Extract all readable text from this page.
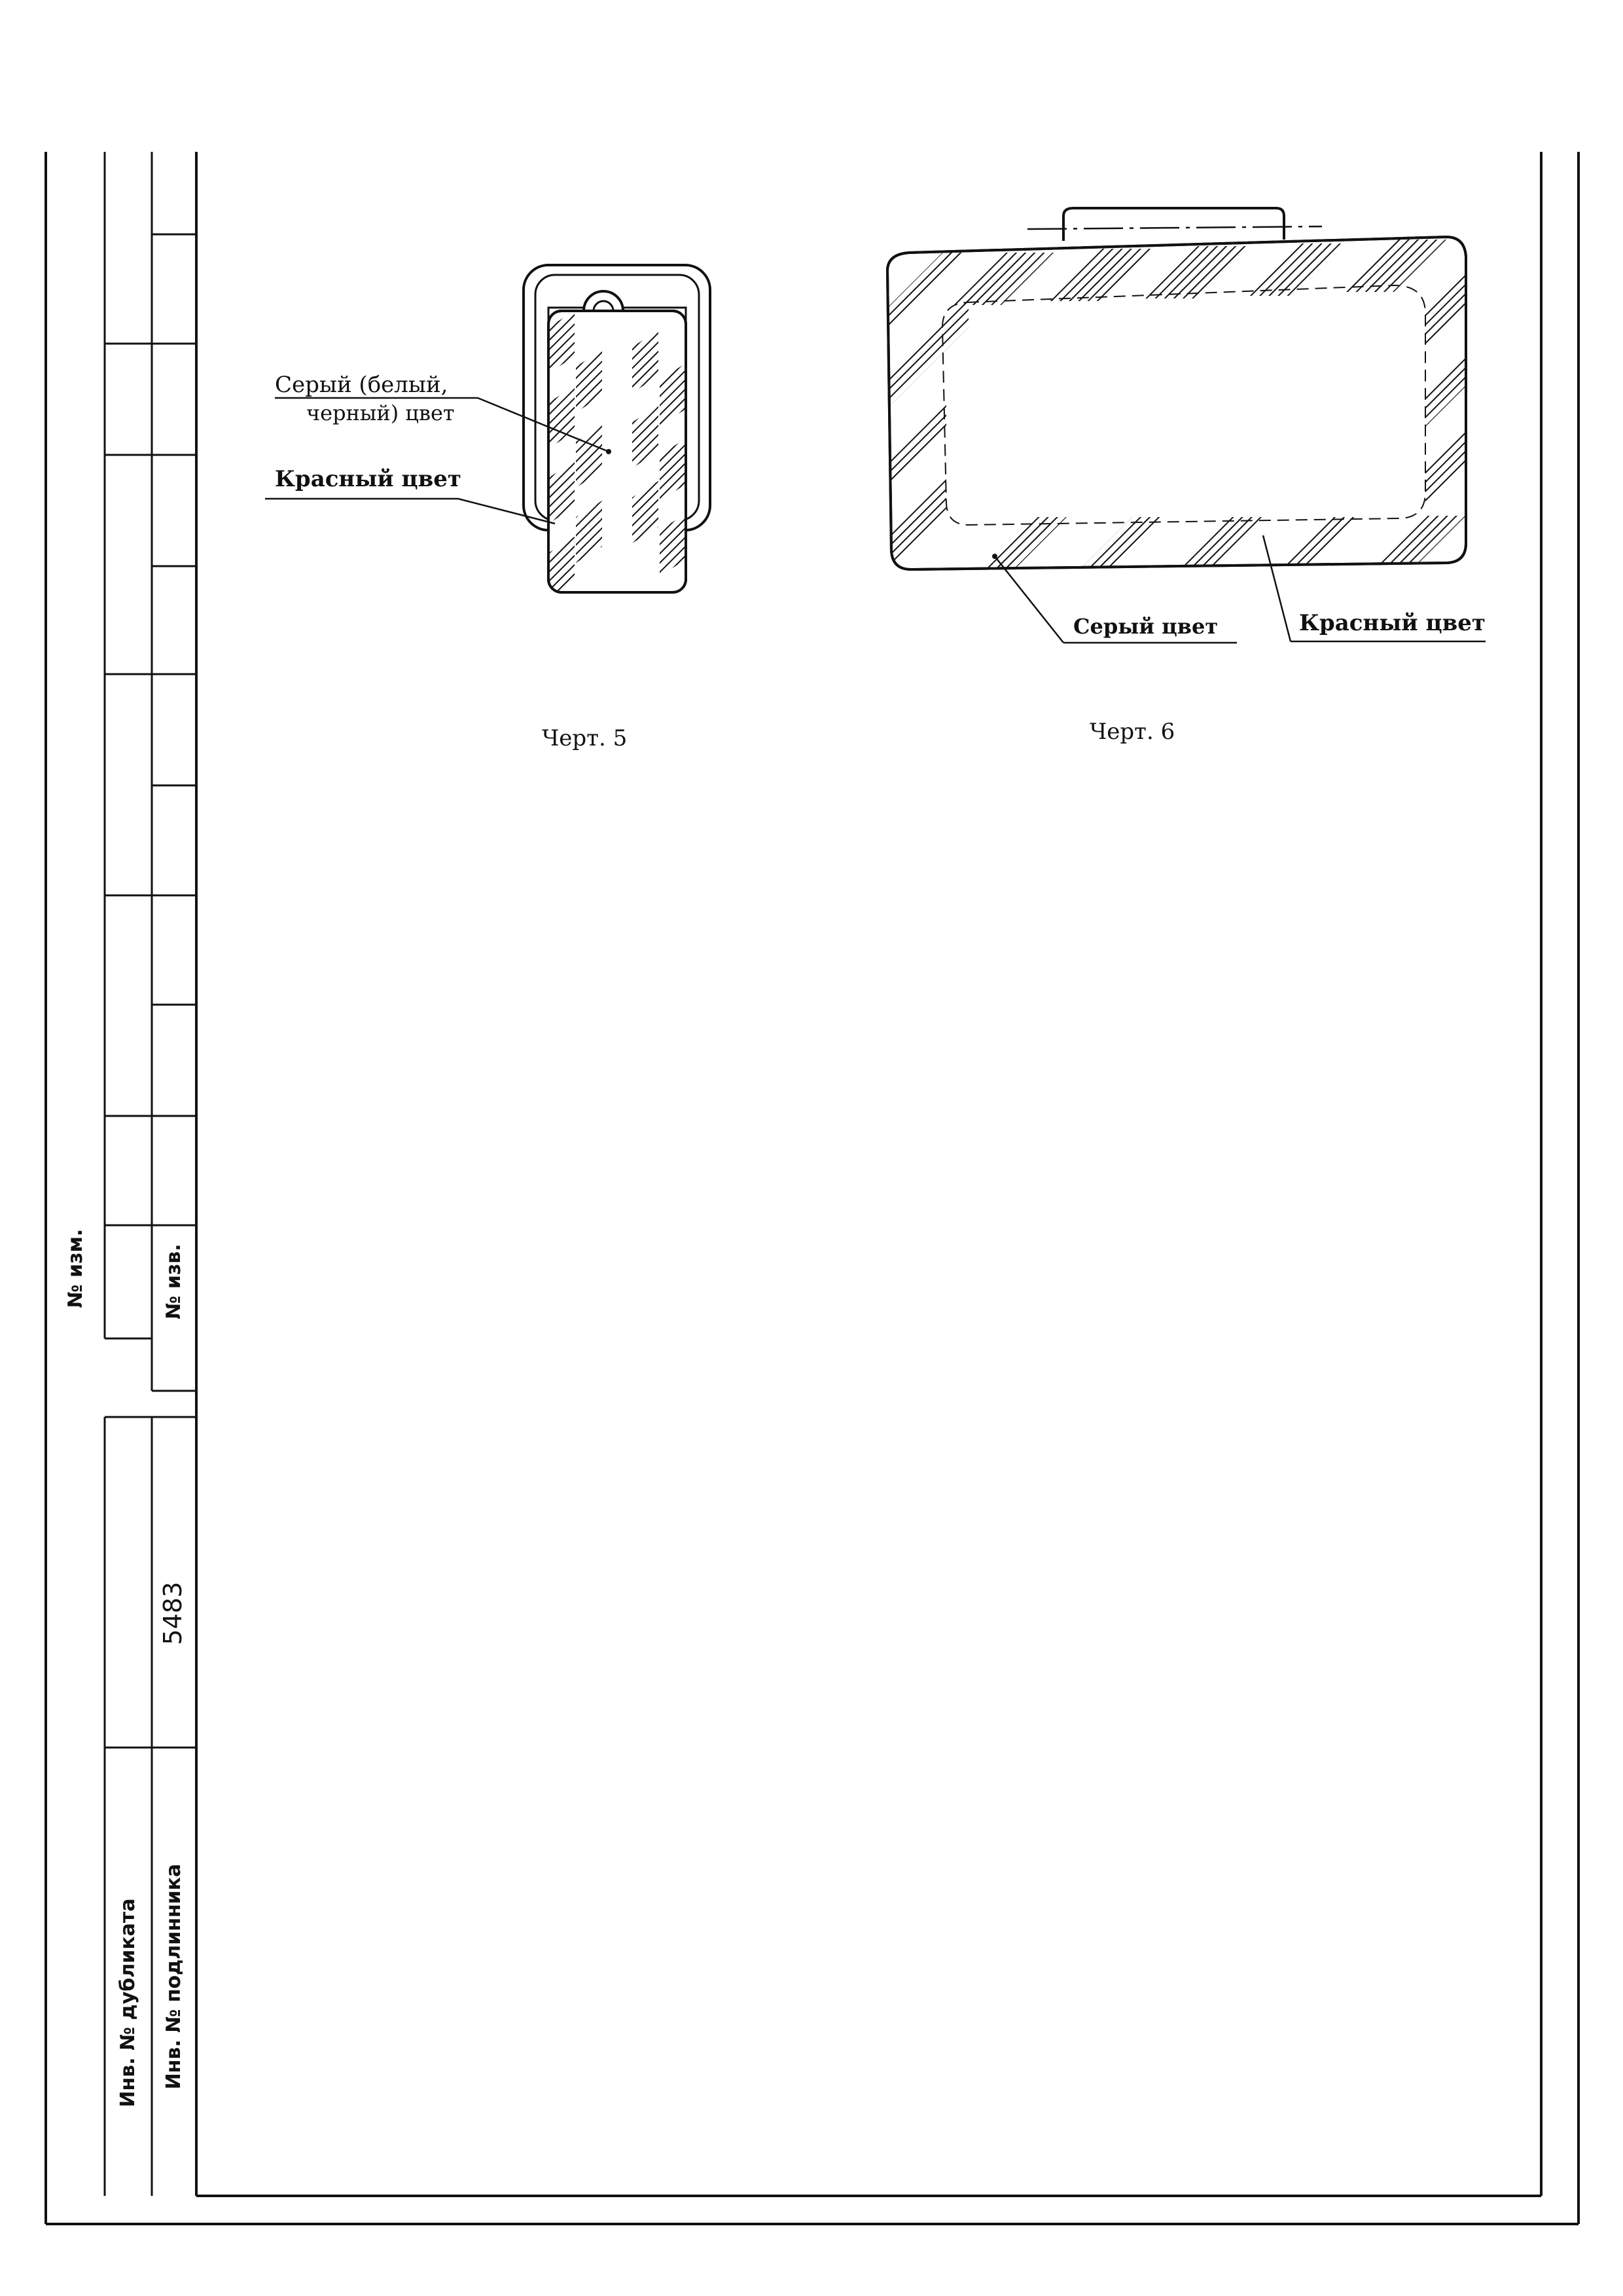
№ изм.	№ изв.
Инв. № дубликата Инв. № подлинника
5483
Серый (белый,
черный) цвет
Красный цвет
Черт. 5
Серый цвет	Красный цвет
Черт. 6
